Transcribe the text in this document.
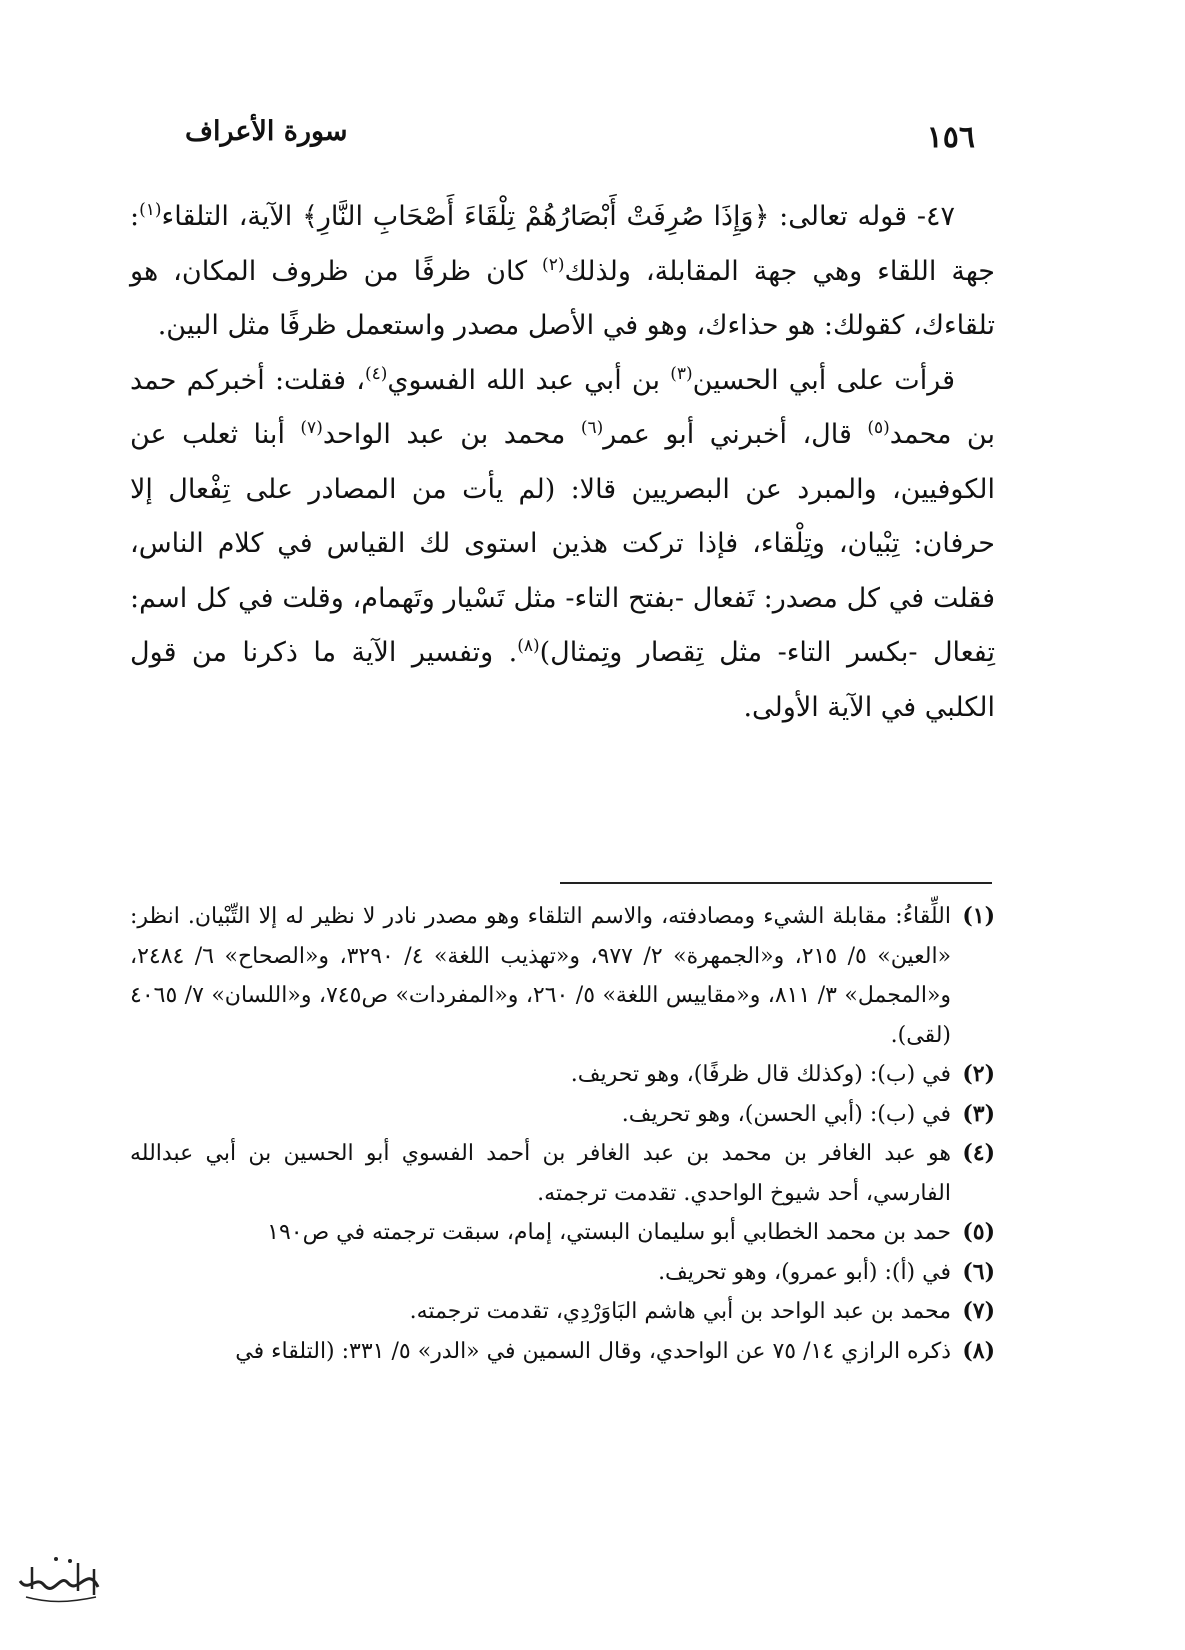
١٥٦
سورة الأعراف

٤٧- قوله تعالى: ﴿وَإِذَا صُرِفَتْ أَبْصَارُهُمْ تِلْقَاءَ أَصْحَابِ النَّارِ﴾ الآية، التلقاء$^{(١)}$: جهة اللقاء وهي جهة المقابلة، ولذلك$^{(٢)}$ كان ظرفًا من ظروف المكان، هو تلقاءك، كقولك: هو حذاءك، وهو في الأصل مصدر واستعمل ظرفًا مثل البين.

قرأت على أبي الحسين$^{(٣)}$ بن أبي عبد الله الفسوي$^{(٤)}$، فقلت: أخبركم حمد بن محمد$^{(٥)}$ قال، أخبرني أبو عمر$^{(٦)}$ محمد بن عبد الواحد$^{(٧)}$ أبنا ثعلب عن الكوفيين، والمبرد عن البصريين قالا: (لم يأت من المصادر على تِفْعال إلا حرفان: تِبْيان، وتِلْقاء، فإذا تركت هذين استوى لك القياس في كلام الناس، فقلت في كل مصدر: تَفعال -بفتح التاء- مثل تَسْيار وتَهمام، وقلت في كل اسم: تِفعال -بكسر التاء- مثل تِقصار وتِمثال)$^{(٨)}$. وتفسير الآية ما ذكرنا من قول الكلبي في الآية الأولى.

(١)
اللِّقاءُ: مقابلة الشيء ومصادفته، والاسم التلقاء وهو مصدر نادر لا نظير له إلا التِّبْيان. انظر: «العين» ٥/ ٢١٥، و«الجمهرة» ٢/ ٩٧٧، و«تهذيب اللغة» ٤/ ٣٢٩٠، و«الصحاح» ٦/ ٢٤٨٤، و«المجمل» ٣/ ٨١١، و«مقاييس اللغة» ٥/ ٢٦٠، و«المفردات» ص٧٤٥، و«اللسان» ٧/ ٤٠٦٥ (لقى).
(٢)
في (ب): (وكذلك قال ظرفًا)، وهو تحريف.
(٣)
في (ب): (أبي الحسن)، وهو تحريف.
(٤)
هو عبد الغافر بن محمد بن عبد الغافر بن أحمد الفسوي أبو الحسين بن أبي عبدالله الفارسي، أحد شيوخ الواحدي. تقدمت ترجمته.
(٥)
حمد بن محمد الخطابي أبو سليمان البستي، إمام، سبقت ترجمته في ص١٩٠
(٦)
في (أ): (أبو عمرو)، وهو تحريف.
(٧)
محمد بن عبد الواحد بن أبي هاشم البَاوَرْدِي، تقدمت ترجمته.
(٨)
ذكره الرازي ١٤/ ٧٥ عن الواحدي، وقال السمين في «الدر» ٥/ ٣٣١: (التلقاء في
